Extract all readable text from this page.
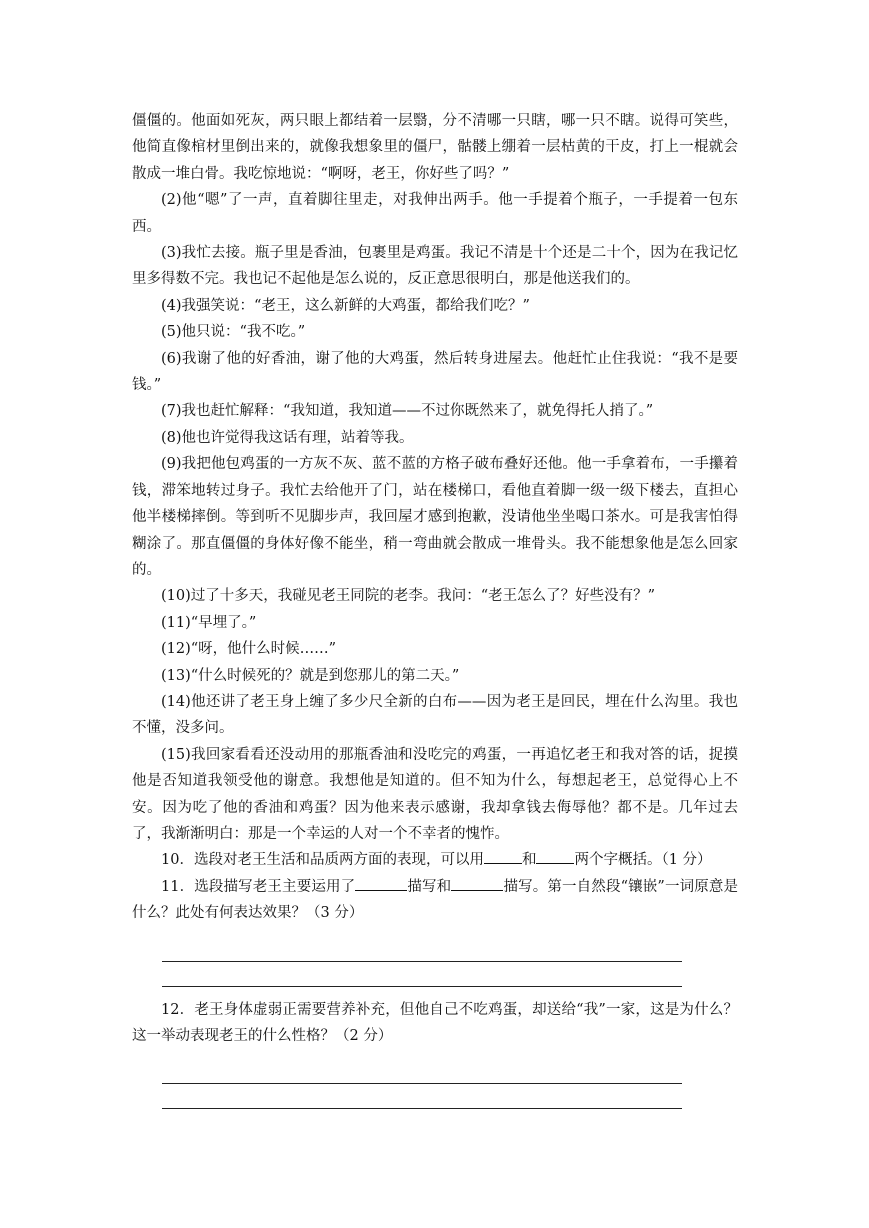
僵僵的。他面如死灰，两只眼上都结着一层翳，分不清哪一只瞎，哪一只不瞎。说得可笑些，他简直像棺材里倒出来的，就像我想象里的僵尸，骷髅上绷着一层枯黄的干皮，打上一棍就会散成一堆白骨。我吃惊地说：“啊呀，老王，你好些了吗？”

(2)他“嗯”了一声，直着脚往里走，对我伸出两手。他一手提着个瓶子，一手提着一包东西。

(3)我忙去接。瓶子里是香油，包裹里是鸡蛋。我记不清是十个还是二十个，因为在我记忆里多得数不完。我也记不起他是怎么说的，反正意思很明白，那是他送我们的。

(4)我强笑说：“老王，这么新鲜的大鸡蛋，都给我们吃？”

(5)他只说：“我不吃。”

(6)我谢了他的好香油，谢了他的大鸡蛋，然后转身进屋去。他赶忙止住我说：“我不是要钱。”

(7)我也赶忙解释：“我知道，我知道——不过你既然来了，就免得托人捎了。”

(8)他也许觉得我这话有理，站着等我。

(9)我把他包鸡蛋的一方灰不灰、蓝不蓝的方格子破布叠好还他。他一手拿着布，一手攥着钱，滞笨地转过身子。我忙去给他开了门，站在楼梯口，看他直着脚一级一级下楼去，直担心他半楼梯摔倒。等到听不见脚步声，我回屋才感到抱歉，没请他坐坐喝口茶水。可是我害怕得糊涂了。那直僵僵的身体好像不能坐，稍一弯曲就会散成一堆骨头。我不能想象他是怎么回家的。

(10)过了十多天，我碰见老王同院的老李。我问：“老王怎么了？好些没有？”

(11)“早埋了。”

(12)“呀，他什么时候……”

(13)“什么时候死的？就是到您那儿的第二天。”

(14)他还讲了老王身上缠了多少尺全新的白布——因为老王是回民，埋在什么沟里。我也不懂，没多问。

(15)我回家看看还没动用的那瓶香油和没吃完的鸡蛋，一再追忆老王和我对答的话，捉摸他是否知道我领受他的谢意。我想他是知道的。但不知为什么，每想起老王，总觉得心上不安。因为吃了他的香油和鸡蛋？因为他来表示感谢，我却拿钱去侮辱他？都不是。几年过去了，我渐渐明白：那是一个幸运的人对一个不幸者的愧怍。

10．选段对老王生活和品质两方面的表现，可以用	和	两个字概括。（1 分）

11．选段描写老王主要运用了	描写和	描写。第一自然段“镶嵌”一词原意是什么？此处有何表达效果？（3 分）

12．老王身体虚弱正需要营养补充，但他自己不吃鸡蛋，却送给“我”一家，这是为什么？这一举动表现老王的什么性格？（2 分）
